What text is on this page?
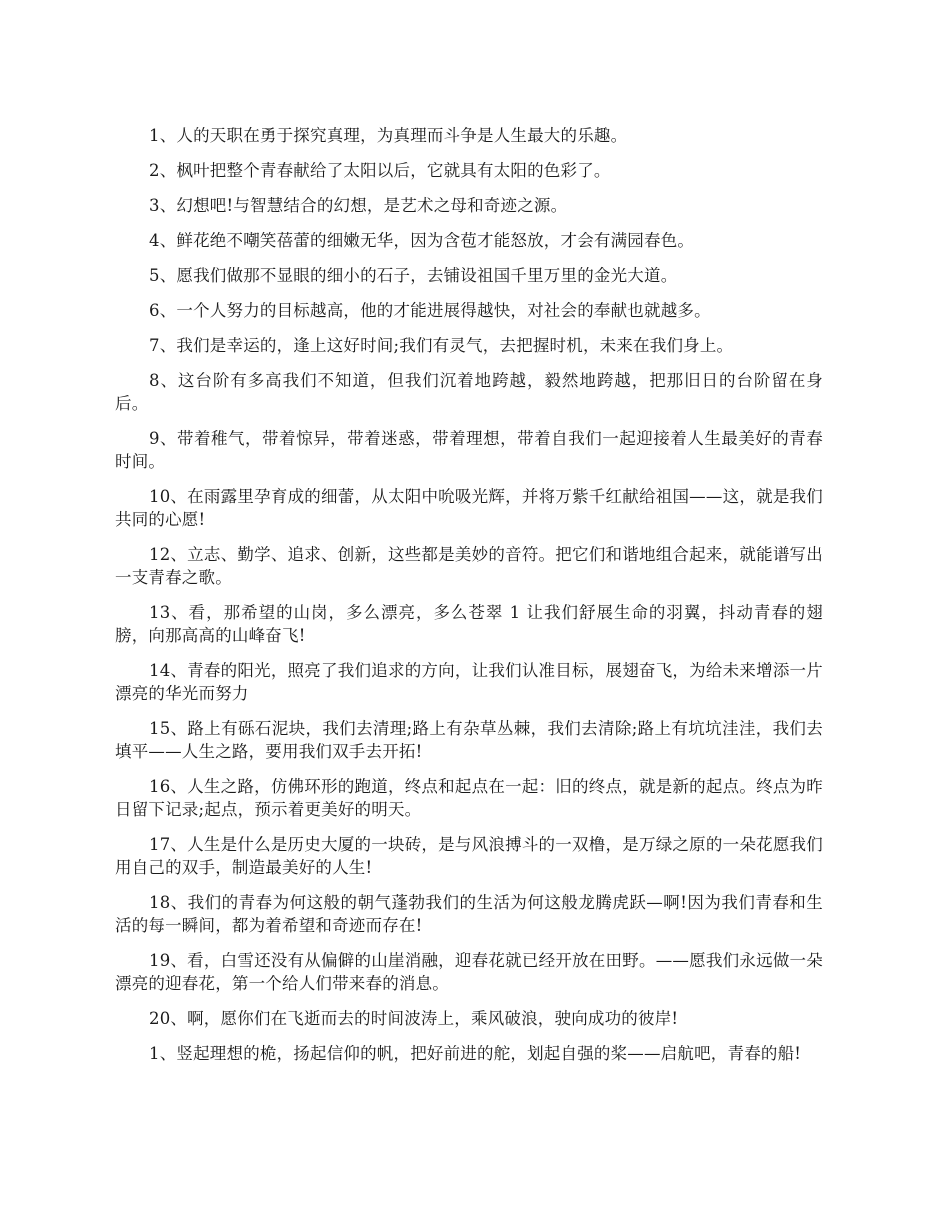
1、人的天职在勇于探究真理，为真理而斗争是人生最大的乐趣。

2、枫叶把整个青春献给了太阳以后，它就具有太阳的色彩了。

3、幻想吧!与智慧结合的幻想，是艺术之母和奇迹之源。

4、鲜花绝不嘲笑蓓蕾的细嫩无华，因为含苞才能怒放，才会有满园春色。

5、愿我们做那不显眼的细小的石子，去铺设祖国千里万里的金光大道。

6、一个人努力的目标越高，他的才能进展得越快，对社会的奉献也就越多。

7、我们是幸运的，逢上这好时间;我们有灵气，去把握时机，未来在我们身上。

8、这台阶有多高我们不知道，但我们沉着地跨越，毅然地跨越，把那旧日的台阶留在身后。

9、带着稚气，带着惊异，带着迷惑，带着理想，带着自我们一起迎接着人生最美好的青春时间。

10、在雨露里孕育成的细蕾，从太阳中吮吸光辉，并将万紫千红献给祖国——这，就是我们共同的心愿!

12、立志、勤学、追求、创新，这些都是美妙的音符。把它们和谐地组合起来，就能谱写出一支青春之歌。

13、看，那希望的山岗，多么漂亮，多么苍翠 1 让我们舒展生命的羽翼，抖动青春的翅膀，向那高高的山峰奋飞!

14、青春的阳光，照亮了我们追求的方向，让我们认准目标，展翅奋飞，为给未来增添一片漂亮的华光而努力

15、路上有砾石泥块，我们去清理;路上有杂草丛棘，我们去清除;路上有坑坑洼洼，我们去填平——人生之路，要用我们双手去开拓!

16、人生之路，仿佛环形的跑道，终点和起点在一起：旧的终点，就是新的起点。终点为昨日留下记录;起点，预示着更美好的明天。

17、人生是什么是历史大厦的一块砖，是与风浪搏斗的一双橹，是万绿之原的一朵花愿我们用自己的双手，制造最美好的人生!

18、我们的青春为何这般的朝气蓬勃我们的生活为何这般龙腾虎跃—啊!因为我们青春和生活的每一瞬间，都为着希望和奇迹而存在!

19、看，白雪还没有从偏僻的山崖消融，迎春花就已经开放在田野。——愿我们永远做一朵漂亮的迎春花，第一个给人们带来春的消息。

20、啊，愿你们在飞逝而去的时间波涛上，乘风破浪，驶向成功的彼岸!

1、竖起理想的桅，扬起信仰的帆，把好前进的舵，划起自强的桨——启航吧，青春的船!
